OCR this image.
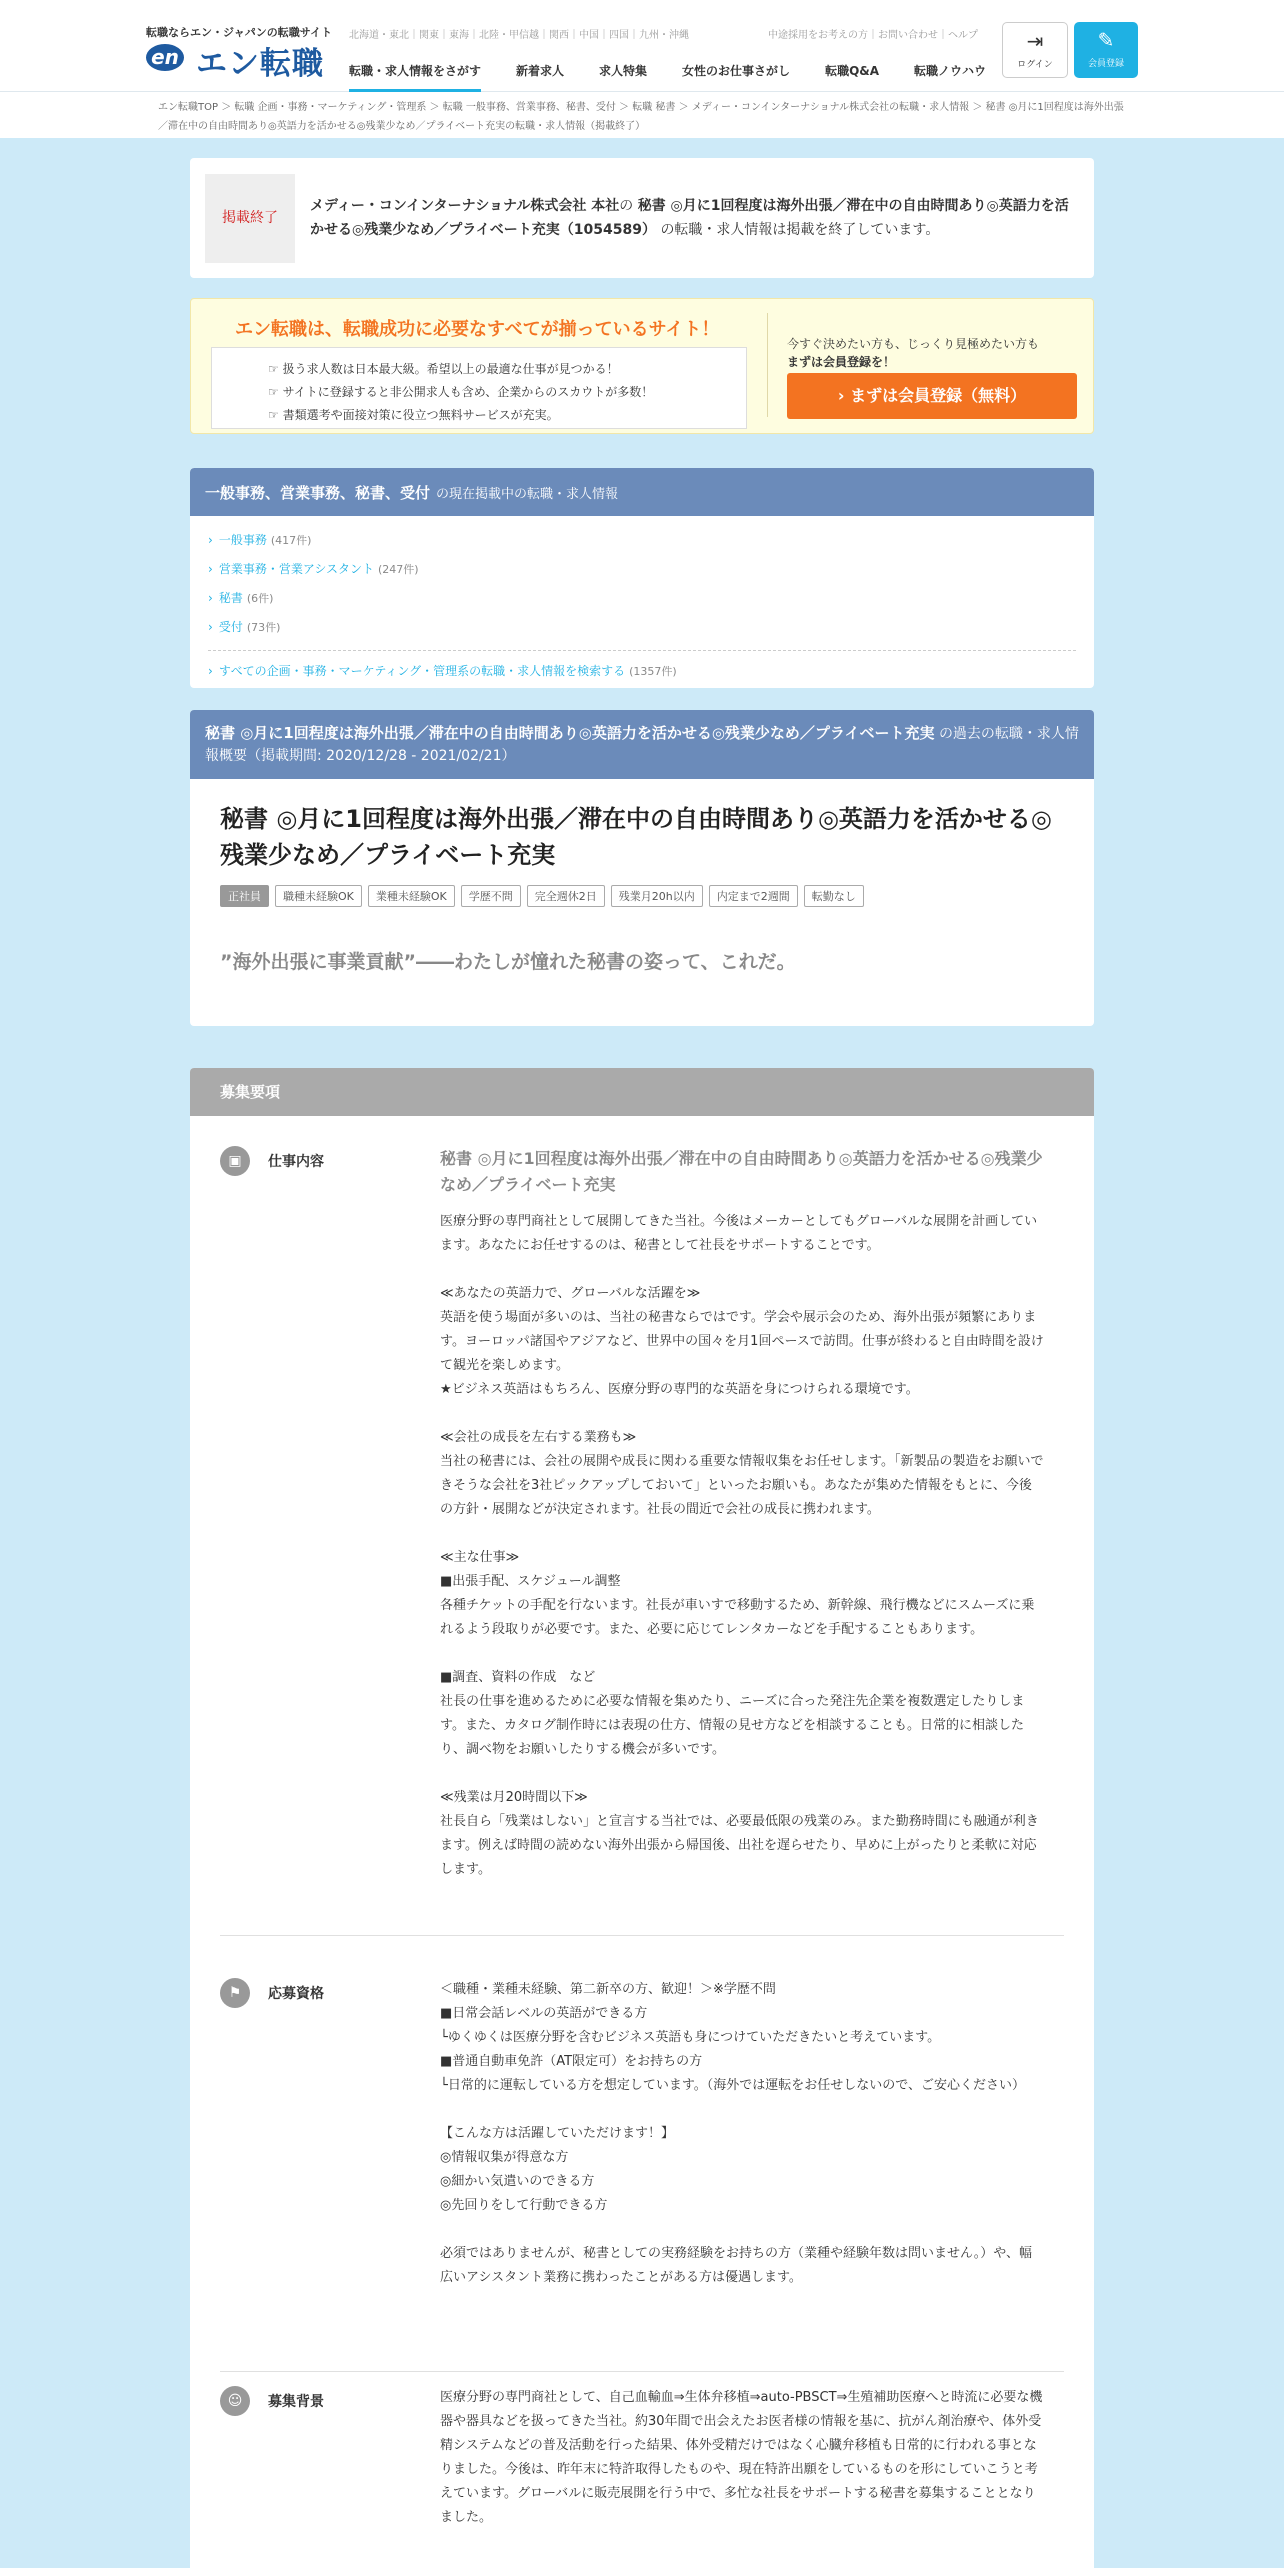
転職ならエン・ジャパンの転職サイト
en エン転職
北海道・東北｜関東｜東海｜北陸・甲信越｜関西｜中国｜四国｜九州・沖縄	中途採用をお考えの方｜お問い合わせ｜ヘルプ
転職・求人情報をさがす	新着求人	求人特集	女性のお仕事さがし	転職Q&A	転職ノウハウ
⇥
ログイン
✎
会員登録
エン転職TOP ＞ 転職 企画・事務・マーケティング・管理系 ＞ 転職 一般事務、営業事務、秘書、受付 ＞ 転職 秘書 ＞ メディー・コンインターナショナル株式会社の転職・求人情報 ＞ 秘書 ◎月に1回程度は海外出張／滞在中の自由時間あり◎英語力を活かせる◎残業少なめ／プライベート充実の転職・求人情報（掲載終了）
掲載終了
メディー・コンインターナショナル株式会社 本社の 秘書 ◎月に1回程度は海外出張／滞在中の自由時間あり◎英語力を活かせる◎残業少なめ／プライベート充実（1054589） の転職・求人情報は掲載を終了しています。
エン転職は、転職成功に必要なすべてが揃っているサイト！
☞ 扱う求人数は日本最大級。希望以上の最適な仕事が見つかる！
☞ サイトに登録すると非公開求人も含め、企業からのスカウトが多数！
☞ 書類選考や面接対策に役立つ無料サービスが充実。
今すぐ決めたい方も、じっくり見極めたい方も
まずは会員登録を！
› まずは会員登録（無料）
一般事務、営業事務、秘書、受付 の現在掲載中の転職・求人情報
› 一般事務 (417件)
› 営業事務・営業アシスタント (247件)
› 秘書 (6件)
› 受付 (73件)
› すべての企画・事務・マーケティング・管理系の転職・求人情報を検索する (1357件)
秘書 ◎月に1回程度は海外出張／滞在中の自由時間あり◎英語力を活かせる◎残業少なめ／プライベート充実 の過去の転職・求人情報概要（掲載期間: 2020/12/28 - 2021/02/21）
秘書 ◎月に1回程度は海外出張／滞在中の自由時間あり◎英語力を活かせる◎残業少なめ／プライベート充実
正社員	職種未経験OK	業種未経験OK	学歴不問	完全週休2日	残業月20h以内	内定まで2週間	転勤なし
”海外出張に事業貢献”――わたしが憧れた秘書の姿って、これだ。
募集要項
▣	仕事内容	秘書 ◎月に1回程度は海外出張／滞在中の自由時間あり◎英語力を活かせる◎残業少なめ／プライベート充実
医療分野の専門商社として展開してきた当社。今後はメーカーとしてもグローバルな展開を計画しています。あなたにお任せするのは、秘書として社長をサポートすることです。

≪あなたの英語力で、グローバルな活躍を≫
英語を使う場面が多いのは、当社の秘書ならではです。学会や展示会のため、海外出張が頻繁にあります。ヨーロッパ諸国やアジアなど、世界中の国々を月1回ペースで訪問。仕事が終わると自由時間を設けて観光を楽しめます。
★ビジネス英語はもちろん、医療分野の専門的な英語を身につけられる環境です。

≪会社の成長を左右する業務も≫
当社の秘書には、会社の展開や成長に関わる重要な情報収集をお任せします。「新製品の製造をお願いできそうな会社を3社ピックアップしておいて」といったお願いも。あなたが集めた情報をもとに、今後の方針・展開などが決定されます。社長の間近で会社の成長に携われます。

≪主な仕事≫
■出張手配、スケジュール調整
各種チケットの手配を行ないます。社長が車いすで移動するため、新幹線、飛行機などにスムーズに乗れるよう段取りが必要です。また、必要に応じてレンタカーなどを手配することもあります。

■調査、資料の作成　など
社長の仕事を進めるために必要な情報を集めたり、ニーズに合った発注先企業を複数選定したりします。また、カタログ制作時には表現の仕方、情報の見せ方などを相談することも。日常的に相談したり、調べ物をお願いしたりする機会が多いです。

≪残業は月20時間以下≫
社長自ら「残業はしない」と宣言する当社では、必要最低限の残業のみ。また勤務時間にも融通が利きます。例えば時間の読めない海外出張から帰国後、出社を遅らせたり、早めに上がったりと柔軟に対応します。
⚑	応募資格	＜職種・業種未経験、第二新卒の方、歓迎！＞※学歴不問
■日常会話レベルの英語ができる方
└ゆくゆくは医療分野を含むビジネス英語も身につけていただきたいと考えています。
■普通自動車免許（AT限定可）をお持ちの方
└日常的に運転している方を想定しています。（海外では運転をお任せしないので、ご安心ください）

【こんな方は活躍していただけます！】
◎情報収集が得意な方
◎細かい気遣いのできる方
◎先回りをして行動できる方

必須ではありませんが、秘書としての実務経験をお持ちの方（業種や経験年数は問いません。）や、幅広いアシスタント業務に携わったことがある方は優遇します。
☺	募集背景	医療分野の専門商社として、自己血輸血⇒生体弁移植⇒auto-PBSCT⇒生殖補助医療へと時流に必要な機器や器具などを扱ってきた当社。約30年間で出会えたお医者様の情報を基に、抗がん剤治療や、体外受精システムなどの普及活動を行った結果、体外受精だけではなく心臓弁移植も日常的に行われる事となりました。今後は、昨年末に特許取得したものや、現在特許出願をしているものを形にしていこうと考えています。グローバルに販売展開を行う中で、多忙な社長をサポートする秘書を募集することとなりました。
